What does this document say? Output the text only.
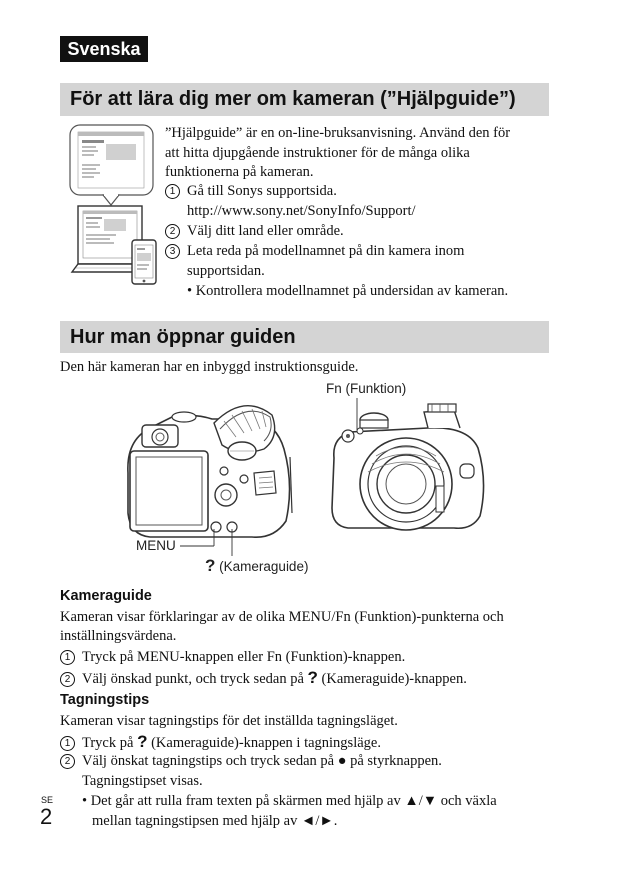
Svenska
För att lära dig mer om kameran (”Hjälpguide”)
”Hjälpguide” är en on-line-bruksanvisning. Använd den för
att hitta djupgående instruktioner för de många olika
funktionerna på kameran.
1 Gå till Sonys supportsida.
http://www.sony.net/SonyInfo/Support/
2 Välj ditt land eller område.
3 Leta reda på modellnamnet på din kamera inom
supportsidan.
• Kontrollera modellnamnet på undersidan av kameran.
Hur man öppnar guiden
Den här kameran har en inbyggd instruktionsguide.
Fn (Funktion)
MENU
? (Kameraguide)
Kameraguide
Kameran visar förklaringar av de olika MENU/Fn (Funktion)-punkterna och
inställningsvärdena.
1 Tryck på MENU-knappen eller Fn (Funktion)-knappen.
2 Välj önskad punkt, och tryck sedan på ? (Kameraguide)-knappen.
Tagningstips
Kameran visar tagningstips för det inställda tagningsläget.
1 Tryck på ? (Kameraguide)-knappen i tagningsläge.
2 Välj önskat tagningstips och tryck sedan på ● på styrknappen.
Tagningstipset visas.
• Det går att rulla fram texten på skärmen med hjälp av ▲/▼ och växla
mellan tagningstipsen med hjälp av ◄/►.
SE
2
